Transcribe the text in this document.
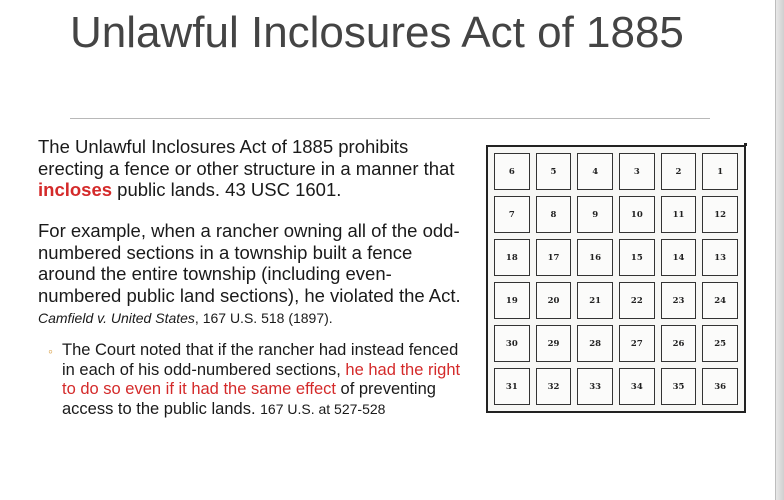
Unlawful Inclosures Act of 1885
The Unlawful Inclosures Act of 1885 prohibits erecting a fence or other structure in a manner that incloses public lands. 43 USC 1601.
For example, when a rancher owning all of the odd-numbered sections in a township built a fence around the entire township (including even-numbered public land sections), he violated the Act. Camfield v. United States, 167 U.S. 518 (1897).
◦ The Court noted that if the rancher had instead fenced in each of his odd-numbered sections, he had the right to do so even if it had the same effect of preventing access to the public lands. 167 U.S. at 527-528
6	5	4	3	2	1
7	8	9	10	11	12
18	17	16	15	14	13
19	20	21	22	23	24
30	29	28	27	26	25
31	32	33	34	35	36
